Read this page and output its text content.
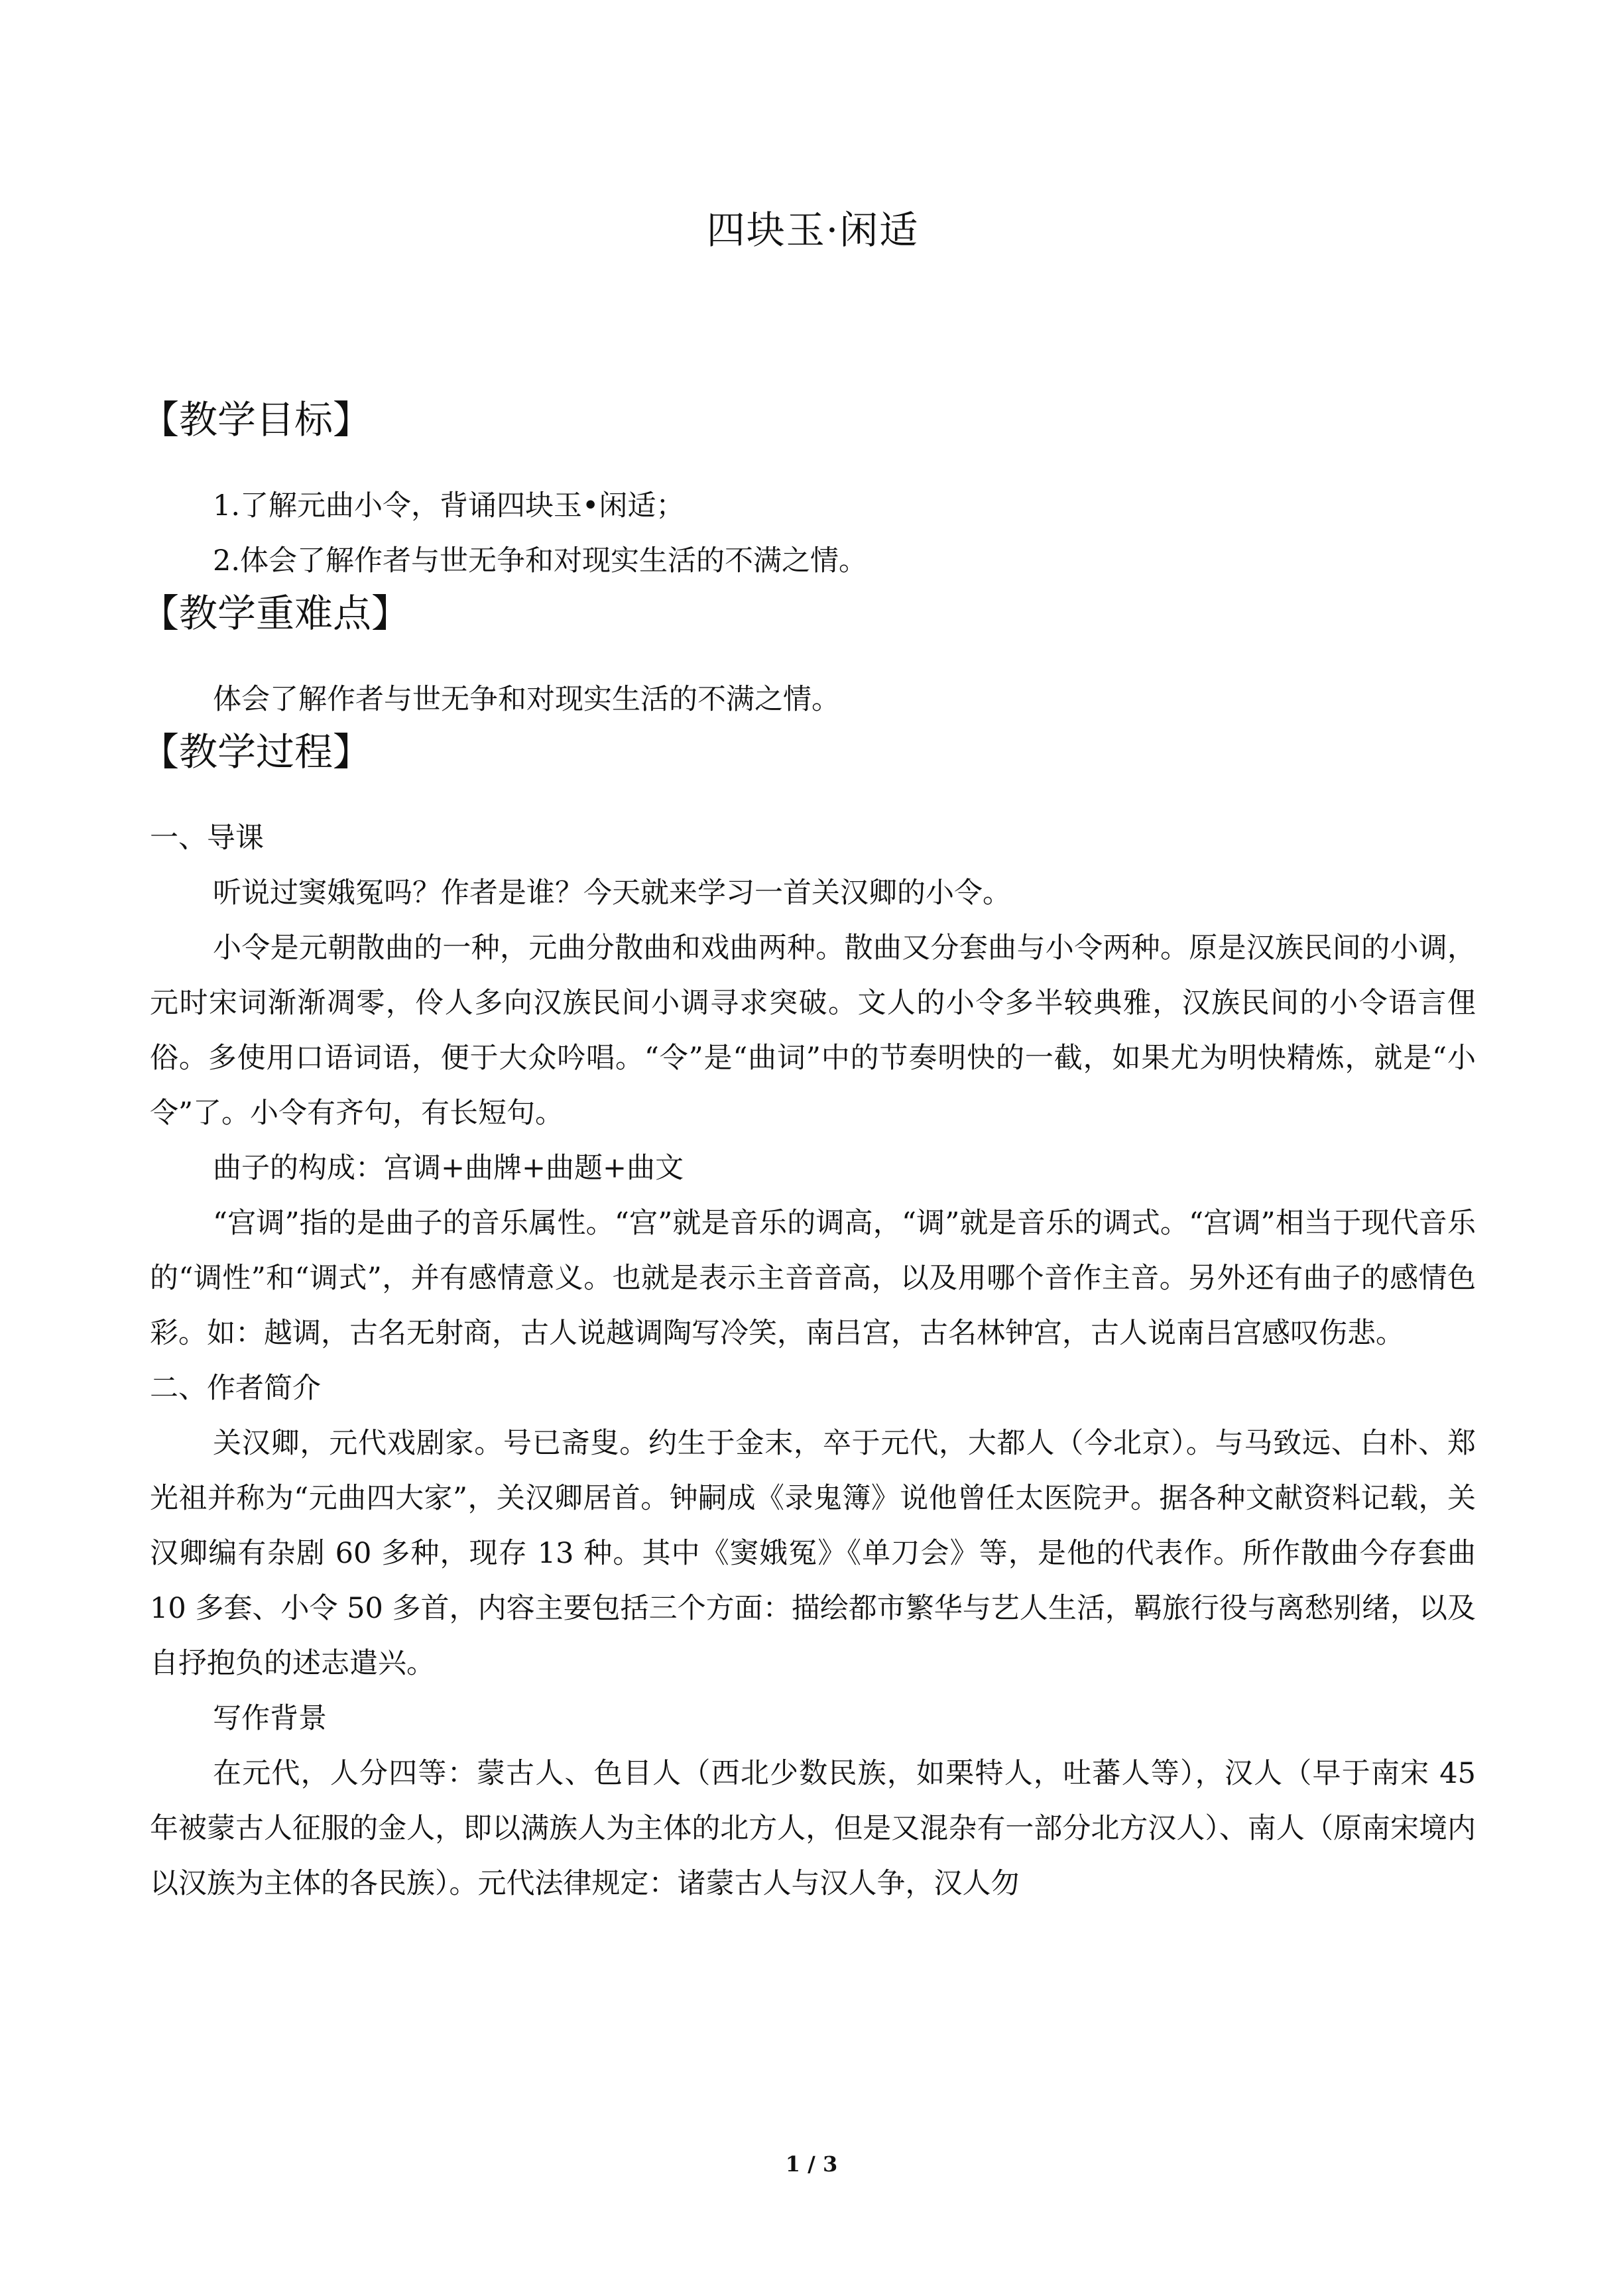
四块玉·闲适
【教学目标】

1.了解元曲小令，背诵四块玉•闲适；

2.体会了解作者与世无争和对现实生活的不满之情。

【教学重难点】

体会了解作者与世无争和对现实生活的不满之情。

【教学过程】

一、导课

听说过窦娥冤吗？作者是谁？今天就来学习一首关汉卿的小令。

小令是元朝散曲的一种，元曲分散曲和戏曲两种。散曲又分套曲与小令两种。原是汉族民间的小调，元时宋词渐渐凋零，伶人多向汉族民间小调寻求突破。文人的小令多半较典雅，汉族民间的小令语言俚俗。多使用口语词语，便于大众吟唱。“令”是“曲词”中的节奏明快的一截，如果尤为明快精炼，就是“小令”了。小令有齐句，有长短句。

曲子的构成：宫调+曲牌+曲题+曲文

“宫调”指的是曲子的音乐属性。“宫”就是音乐的调高，“调”就是音乐的调式。“宫调”相当于现代音乐的“调性”和“调式”，并有感情意义。也就是表示主音音高，以及用哪个音作主音。另外还有曲子的感情色彩。如：越调，古名无射商，古人说越调陶写冷笑，南吕宫，古名林钟宫，古人说南吕宫感叹伤悲。

二、作者简介

关汉卿，元代戏剧家。号已斋叟。约生于金末，卒于元代，大都人（今北京）。与马致远、白朴、郑光祖并称为“元曲四大家”，关汉卿居首。钟嗣成《录鬼簿》说他曾任太医院尹。据各种文献资料记载，关汉卿编有杂剧 60 多种，现存 13 种。其中《窦娥冤》《单刀会》等，是他的代表作。所作散曲今存套曲 10 多套、小令 50 多首，内容主要包括三个方面：描绘都市繁华与艺人生活，羁旅行役与离愁别绪，以及自抒抱负的述志遣兴。

写作背景

在元代，人分四等：蒙古人、色目人（西北少数民族，如栗特人，吐蕃人等），汉人（早于南宋 45 年被蒙古人征服的金人，即以满族人为主体的北方人，但是又混杂有一部分北方汉人）、南人（原南宋境内以汉族为主体的各民族）。元代法律规定：诸蒙古人与汉人争，汉人勿

1 / 3
